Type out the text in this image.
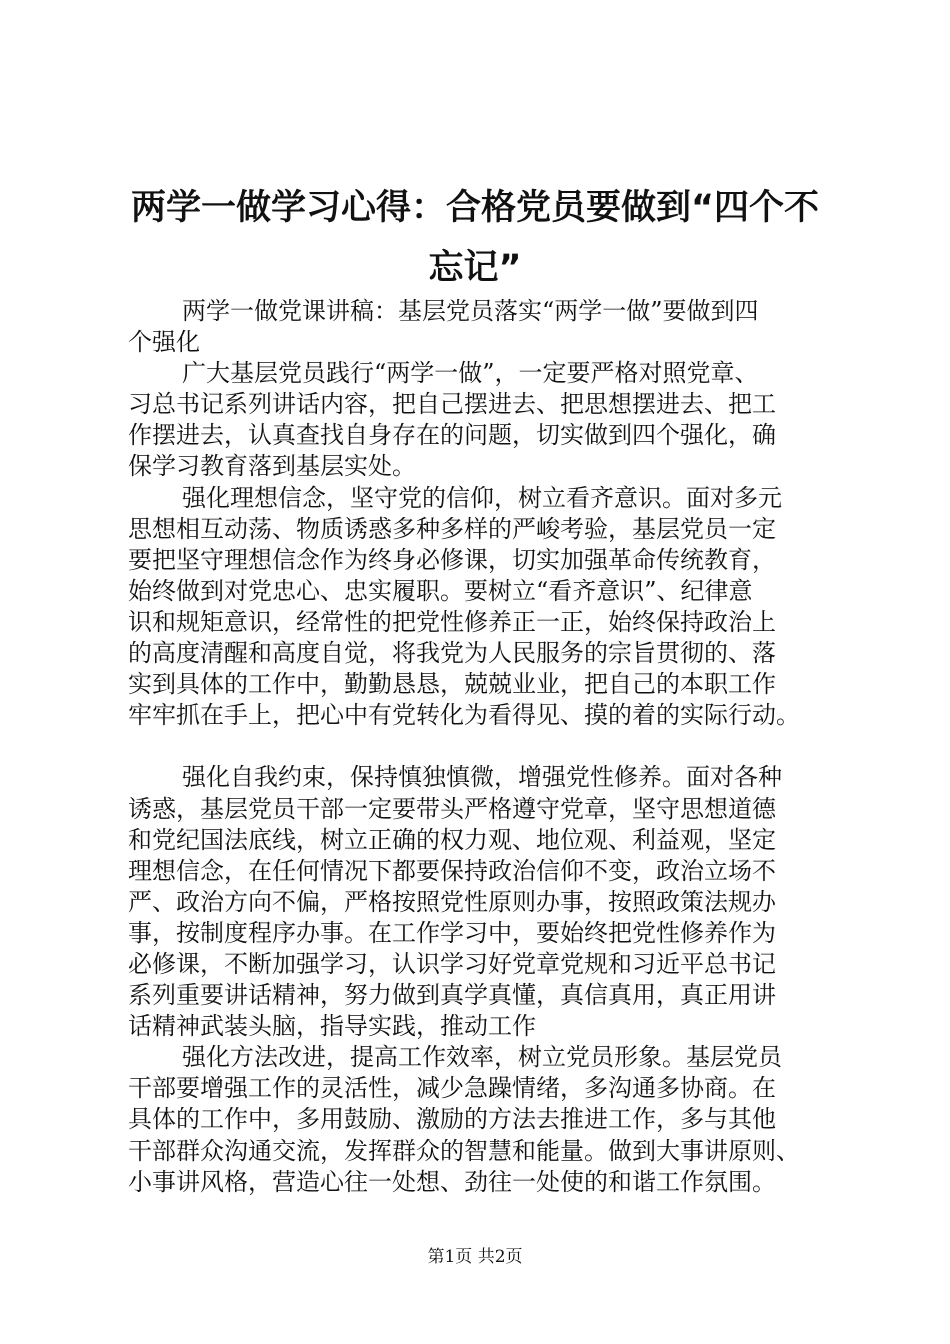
两学一做学习心得：合格党员要做到“四个不
忘记”
两学一做党课讲稿：基层党员落实“两学一做”要做到四
个强化
广大基层党员践行“两学一做”，一定要严格对照党章、
习总书记系列讲话内容，把自己摆进去、把思想摆进去、把工
作摆进去，认真查找自身存在的问题，切实做到四个强化，确
保学习教育落到基层实处。
强化理想信念，坚守党的信仰，树立看齐意识。面对多元
思想相互动荡、物质诱惑多种多样的严峻考验，基层党员一定
要把坚守理想信念作为终身必修课，切实加强革命传统教育，
始终做到对党忠心、忠实履职。要树立“看齐意识”、纪律意
识和规矩意识，经常性的把党性修养正一正，始终保持政治上
的高度清醒和高度自觉，将我党为人民服务的宗旨贯彻的、落
实到具体的工作中，勤勤恳恳，兢兢业业，把自己的本职工作
牢牢抓在手上，把心中有党转化为看得见、摸的着的实际行动。
强化自我约束，保持慎独慎微，增强党性修养。面对各种
诱惑，基层党员干部一定要带头严格遵守党章，坚守思想道德
和党纪国法底线，树立正确的权力观、地位观、利益观，坚定
理想信念，在任何情况下都要保持政治信仰不变，政治立场不
严、政治方向不偏，严格按照党性原则办事，按照政策法规办
事，按制度程序办事。在工作学习中，要始终把党性修养作为
必修课，不断加强学习，认识学习好党章党规和习近平总书记
系列重要讲话精神，努力做到真学真懂，真信真用，真正用讲
话精神武装头脑，指导实践，推动工作
强化方法改进，提高工作效率，树立党员形象。基层党员
干部要增强工作的灵活性，减少急躁情绪，多沟通多协商。在
具体的工作中，多用鼓励、激励的方法去推进工作，多与其他
干部群众沟通交流，发挥群众的智慧和能量。做到大事讲原则、
小事讲风格，营造心往一处想、劲往一处使的和谐工作氛围。
第1页 共2页
